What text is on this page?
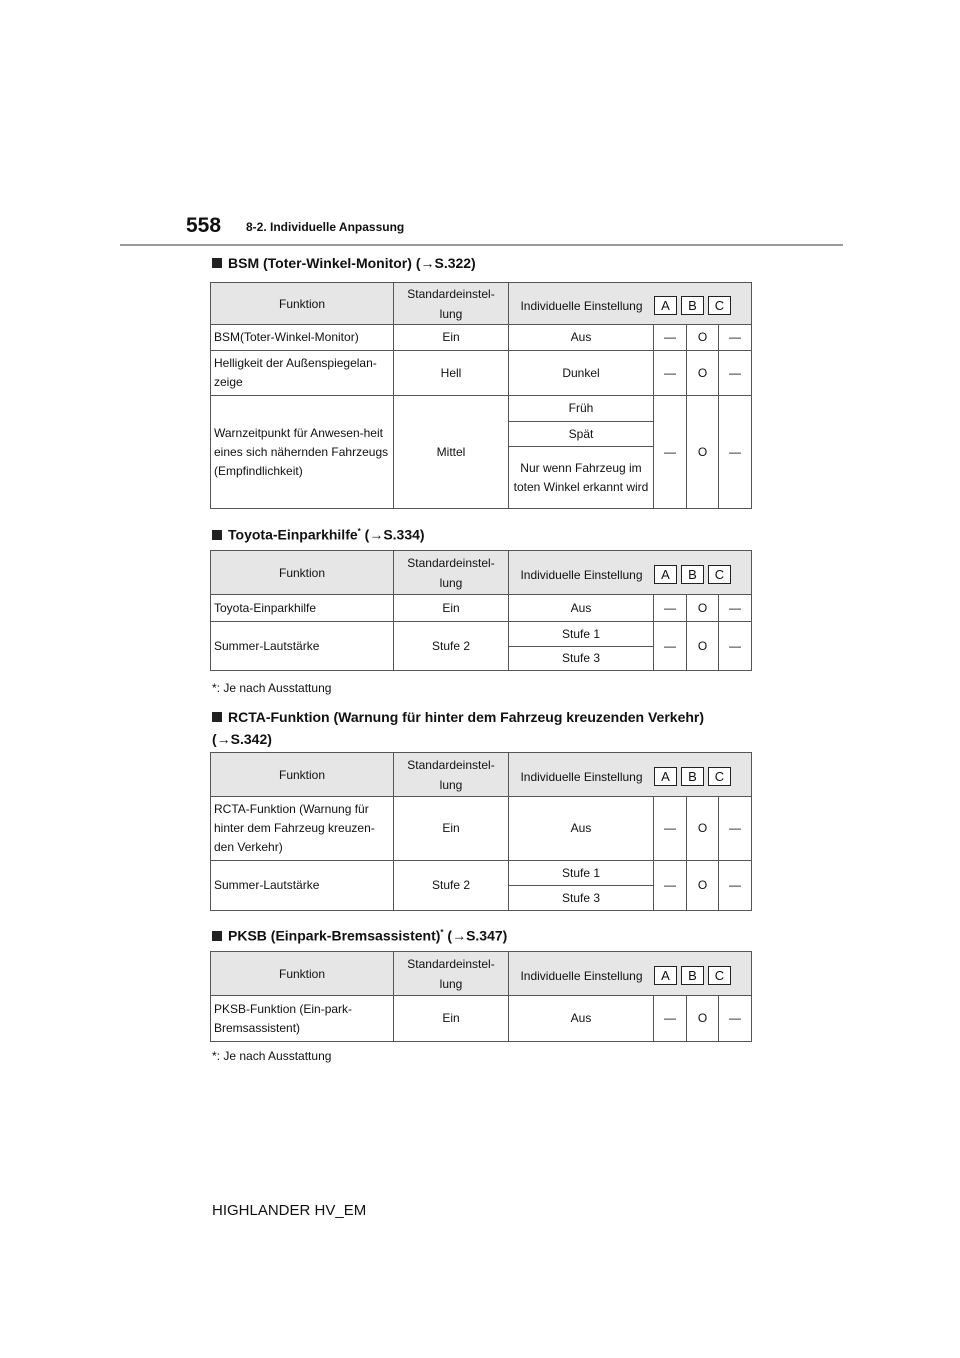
558 8-2. Individuelle Anpassung
BSM (Toter-Winkel-Monitor) (→S.322)
Funktion	Standardeinstel-lung	Individuelle Einstellung A B C			

BSM(Toter-Winkel-Monitor)	Ein	Aus	—	O	—
Helligkeit der Außenspiegelan-zeige	Hell	Dunkel	—	O	—
Warnzeitpunkt für Anwesen-heit eines sich nähernden Fahrzeugs (Empfindlichkeit)	Mittel	Früh	—	O	—
		Spät			
		Nur wenn Fahrzeug im toten Winkel erkannt wird			
Toyota-Einparkhilfe* (→S.334)
Funktion	Standardeinstel-lung	Individuelle Einstellung A B C			

Toyota-Einparkhilfe	Ein	Aus	—	O	—
Summer-Lautstärke	Stufe 2	Stufe 1	—	O	—
		Stufe 3			
*: Je nach Ausstattung
RCTA-Funktion (Warnung für hinter dem Fahrzeug kreuzenden Verkehr)
(→S.342)
Funktion	Standardeinstel-lung	Individuelle Einstellung A B C			

RCTA-Funktion (Warnung für hinter dem Fahrzeug kreuzen-den Verkehr)	Ein	Aus	—	O	—
Summer-Lautstärke	Stufe 2	Stufe 1	—	O	—
		Stufe 3			
PKSB (Einpark-Bremsassistent)* (→S.347)
Funktion	Standardeinstel-lung	Individuelle Einstellung A B C			

PKSB-Funktion (Ein-park-Bremsassistent)	Ein	Aus	—	O	—
*: Je nach Ausstattung
HIGHLANDER HV_EM
